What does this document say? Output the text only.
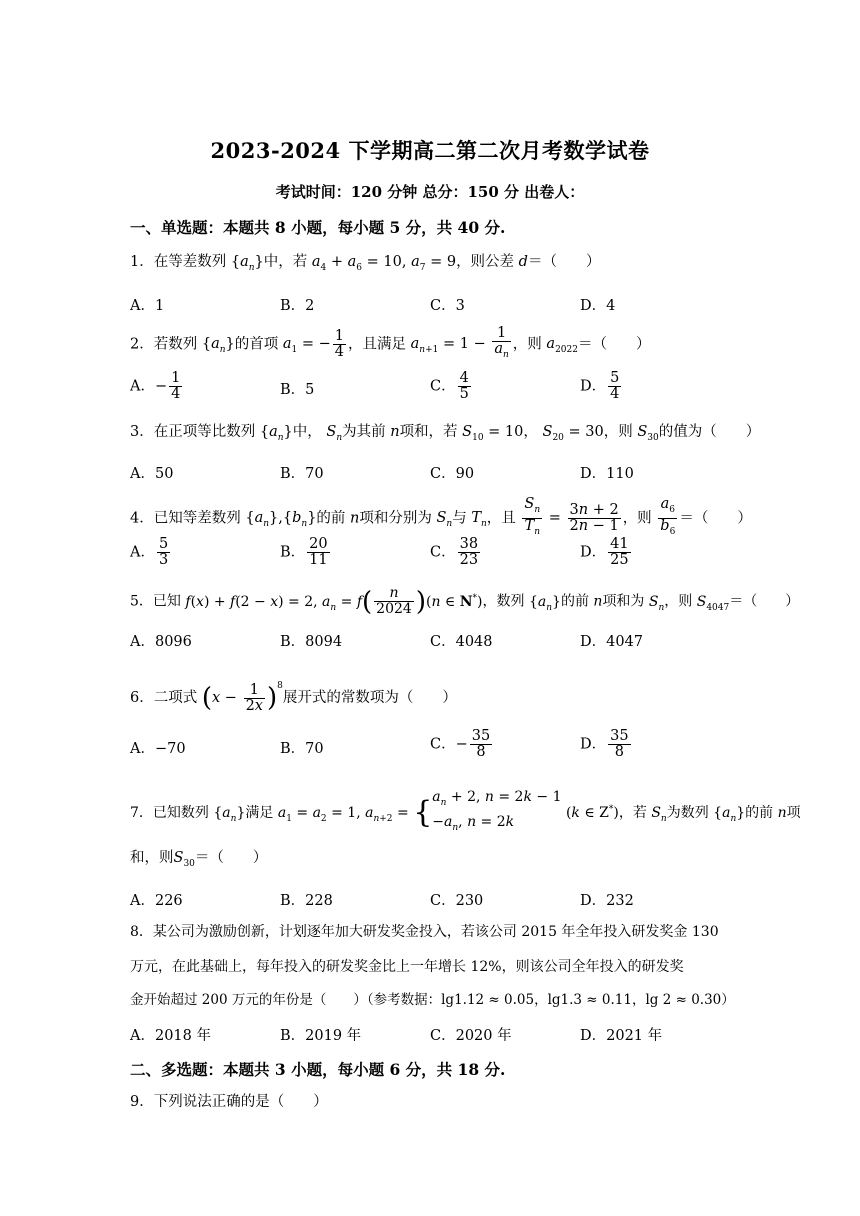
2023-2024 下学期高二第二次月考数学试卷
考试时间：120 分钟 总分：150 分 出卷人：
一、单选题：本题共 8 小题，每小题 5 分，共 40 分.
1．在等差数列 $\{a_n\}$中，若 $a_4 + a_6 = 10$, $a_7 = 9$，则公差 d＝（　　）
A．1	B．2	C．3	D．4
2．若数列 $\{a_n\}$的首项 $a_1$ = − $\frac{1}{4}$ ，且满足 $a_{n+1} = 1 - \frac{1}{a_n}$ ，则 $a_{2022}=$（　　）
A．− $\frac{1}{4}$	B．5	C． $\frac{4}{5}$	D． $\frac{5}{4}$
3．在正项等比数列 $\{a_n\}$中， $S_n$为其前 n项和，若 $S_{10} = 10$， $S_{20} = 30$，则 $S_{30}$的值为（　　）
A．50	B．70	C．90	D．110
4．已知等差数列 $\{a_n\},\{b_n\}$的前 n项和分别为 $S_n$与 $T_n$，且 $\frac{S_n}{T_n} = \frac{3n + 2}{2n - 1}$ ，则 $\frac{a_6}{b_6}$ ＝（　　）
A． $\frac{5}{3}$	B． $\frac{20}{11}$	C． $\frac{38}{23}$	D． $\frac{41}{25}$
5．已知 f(x) + f(2 − x) = 2, $a_n = f( \frac{n}{2024} )(n$ ∈ N*)，数列 $\{a_n\}$的前 n项和为 $S_n$，则 $S_{4047}=$（　　）
A．8096	B．8094	C．4048	D．4047
6．二项式 $(x - \frac{1}{2x} )^8$展开式的常数项为（　　）
A．−70	B．70	C．− $\frac{35}{8}$	D． $\frac{35}{8}$
7．已知数列 $\{a_n\}$满足 $a_1 = a_2 = 1$, $a_{n+2}$ = { $a_n + 2$, n = 2k − 1
$-a_n$, n = 2k
(k ∈ Z*)，若 $S_n$为数列 $\{a_n\}$的前 n项
和，则$S_{30}=$（　　）
A．226	B．228	C．230	D．232
8．某公司为激励创新，计划逐年加大研发奖金投入，若该公司 2015 年全年投入研发奖金 130
万元，在此基础上，每年投入的研发奖金比上一年增长 12%，则该公司全年投入的研发奖
金开始超过 200 万元的年份是（　　）（参考数据：lg1.12 ≈ 0.05，lg1.3 ≈ 0.11，lg 2 ≈ 0.30）
A．2018 年	B．2019 年	C．2020 年	D．2021 年
二、多选题：本题共 3 小题，每小题 6 分，共 18 分.
9．下列说法正确的是（　　）
